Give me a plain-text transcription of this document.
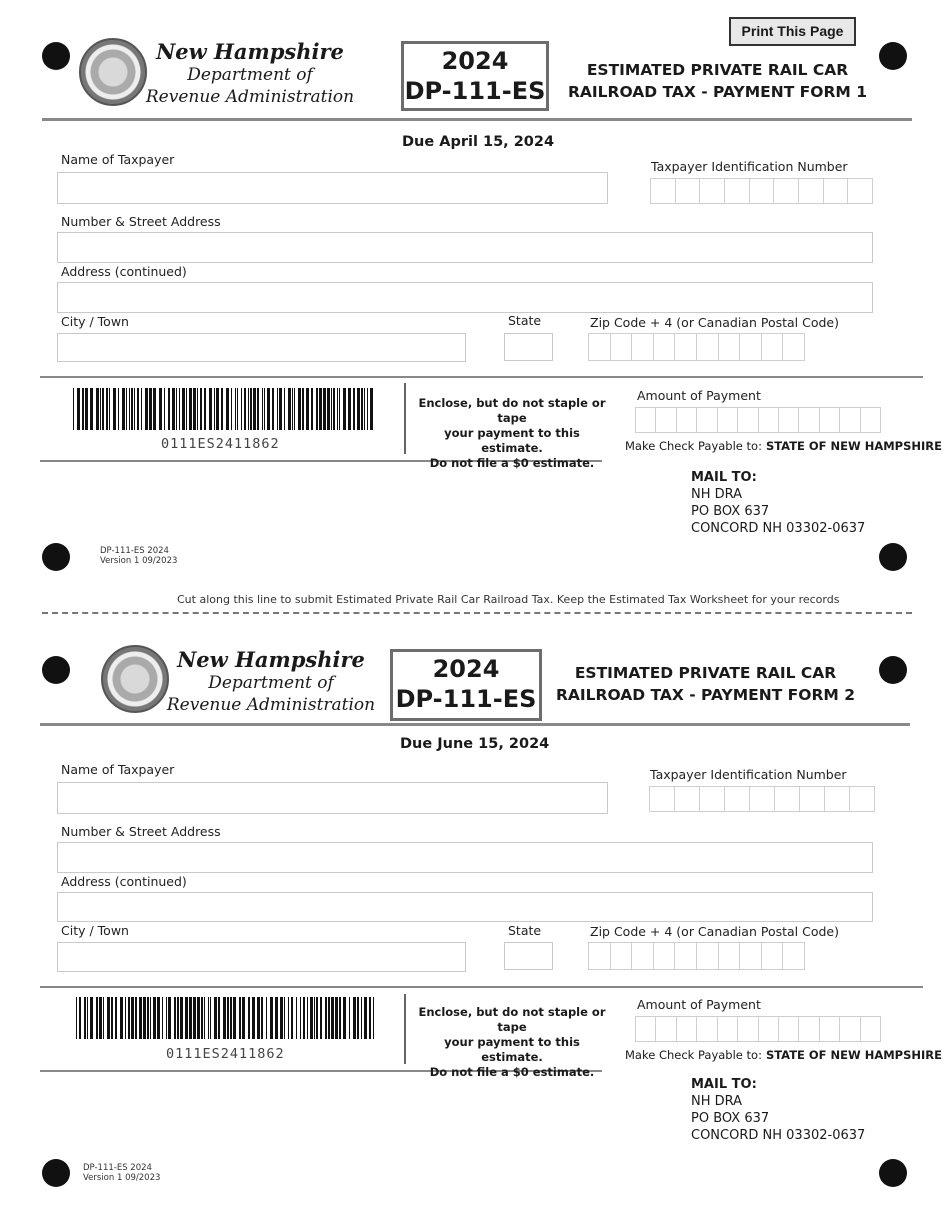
Print This Page
New Hampshire
Department of
Revenue Administration
2024
DP-111-ES
ESTIMATED PRIVATE RAIL CAR
RAILROAD TAX - PAYMENT FORM 1
Due April 15, 2024
Name of Taxpayer	Taxpayer Identification Number
Number & Street Address
Address (continued)
City / Town	State	Zip Code + 4 (or Canadian Postal Code)
0111ES2411862
Enclose, but do not staple or tape
your payment to this estimate.
Do not file a $0 estimate.
Amount of Payment
Make Check Payable to: STATE OF NEW HAMPSHIRE
MAIL TO:
NH DRA
PO BOX 637
CONCORD NH 03302-0637
DP-111-ES 2024
Version 1 09/2023
Cut along this line to submit Estimated Private Rail Car Railroad Tax. Keep the Estimated Tax Worksheet for your records
New Hampshire
Department of
Revenue Administration
2024
DP-111-ES
ESTIMATED PRIVATE RAIL CAR
RAILROAD TAX - PAYMENT FORM 2
Due June 15, 2024
Name of Taxpayer	Taxpayer Identification Number
Number & Street Address
Address (continued)
City / Town	State	Zip Code + 4 (or Canadian Postal Code)
0111ES2411862
Enclose, but do not staple or tape
your payment to this estimate.
Do not file a $0 estimate.
Amount of Payment
Make Check Payable to: STATE OF NEW HAMPSHIRE
MAIL TO:
NH DRA
PO BOX 637
CONCORD NH 03302-0637
DP-111-ES 2024
Version 1 09/2023
